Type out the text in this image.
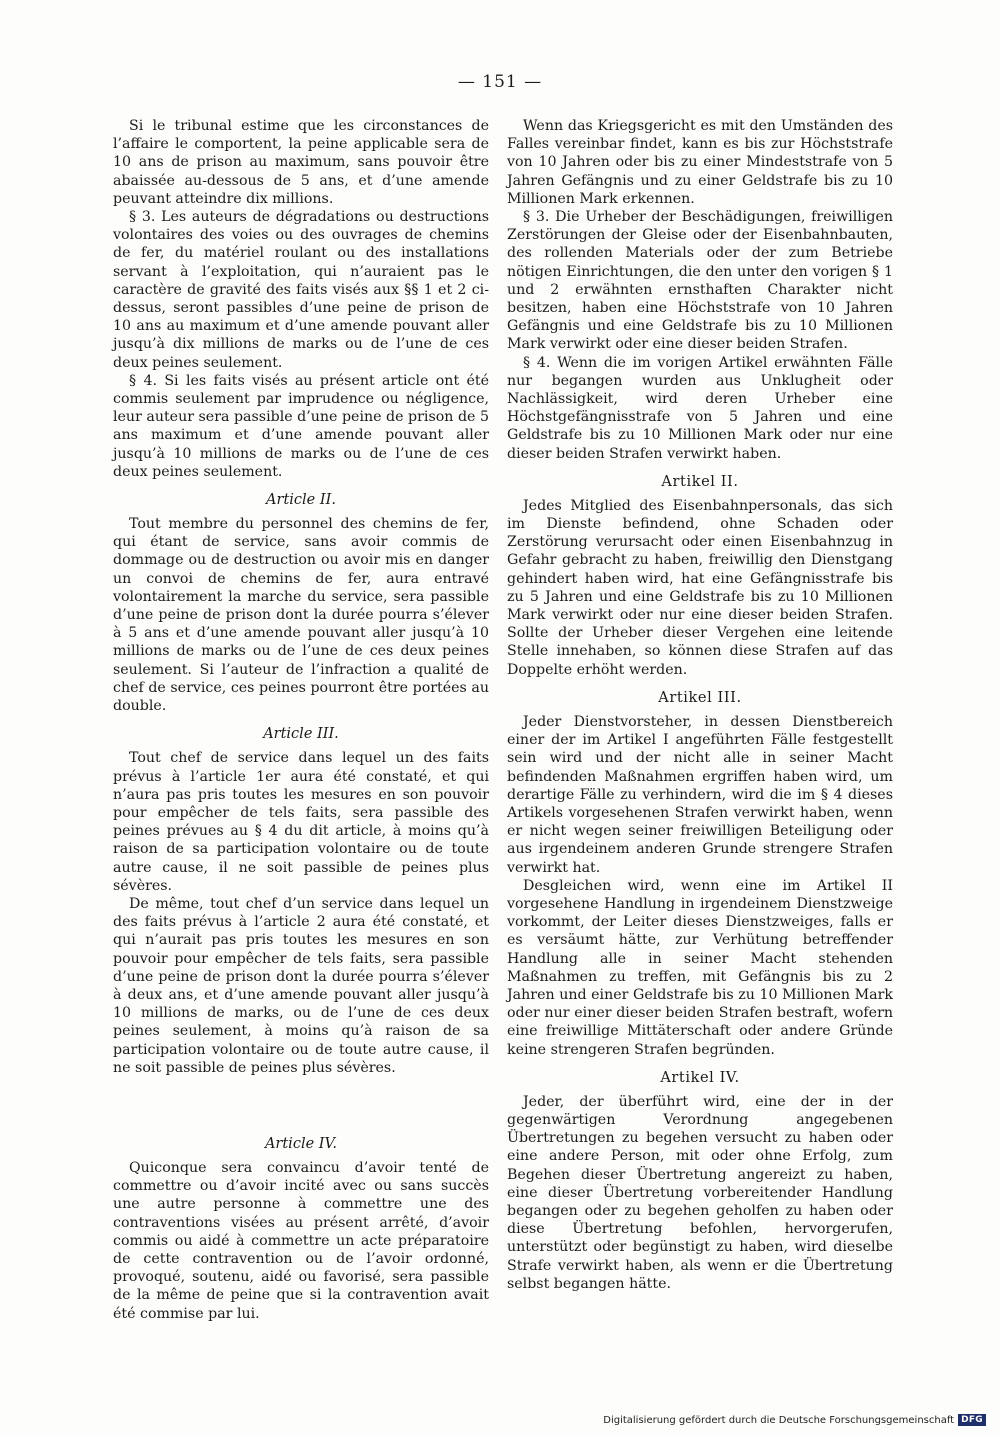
— 151 —

Si le tribunal estime que les circonstances de l’affaire le comportent, la peine applicable sera de 10 ans de prison au maximum, sans pouvoir être abaissée au-dessous de 5 ans, et d’une amende peuvant atteindre dix millions.

§ 3. Les auteurs de dégradations ou destructions volontaires des voies ou des ouvrages de chemins de fer, du matériel roulant ou des installations servant à l’exploitation, qui n’auraient pas le caractère de gravité des faits visés aux §§ 1 et 2 ci-dessus, seront passibles d’une peine de prison de 10 ans au maximum et d’une amende pouvant aller jusqu’à dix millions de marks ou de l’une de ces deux peines seulement.

§ 4. Si les faits visés au présent article ont été commis seulement par imprudence ou négligence, leur auteur sera passible d’une peine de prison de 5 ans maximum et d’une amende pouvant aller jusqu’à 10 millions de marks ou de l’une de ces deux peines seulement.

Article II.

Tout membre du personnel des chemins de fer, qui étant de service, sans avoir commis de dommage ou de destruction ou avoir mis en danger un convoi de chemins de fer, aura entravé volontairement la marche du service, sera passible d’une peine de prison dont la durée pourra s’élever à 5 ans et d’une amende pouvant aller jusqu’à 10 millions de marks ou de l’une de ces deux peines seulement. Si l’auteur de l’infraction a qualité de chef de service, ces peines pourront être portées au double.

Article III.

Tout chef de service dans lequel un des faits prévus à l’article 1er aura été constaté, et qui n’aura pas pris toutes les mesures en son pouvoir pour empêcher de tels faits, sera passible des peines prévues au § 4 du dit article, à moins qu’à raison de sa participation volontaire ou de toute autre cause, il ne soit passible de peines plus sévères.

De même, tout chef d’un service dans lequel un des faits prévus à l’article 2 aura été constaté, et qui n’aurait pas pris toutes les mesures en son pouvoir pour empêcher de tels faits, sera passible d’une peine de prison dont la durée pourra s’élever à deux ans, et d’une amende pouvant aller jusqu’à 10 millions de marks, ou de l’une de ces deux peines seulement, à moins qu’à raison de sa participation volontaire ou de toute autre cause, il ne soit passible de peines plus sévères.

Article IV.

Quiconque sera convaincu d’avoir tenté de commettre ou d’avoir incité avec ou sans succès une autre personne à commettre une des contraventions visées au présent arrêté, d’avoir commis ou aidé à commettre un acte préparatoire de cette contravention ou de l’avoir ordonné, provoqué, soutenu, aidé ou favorisé, sera passible de la même de peine que si la contravention avait été commise par lui.

Wenn das Kriegsgericht es mit den Umständen des Falles vereinbar findet, kann es bis zur Höchststrafe von 10 Jahren oder bis zu einer Mindeststrafe von 5 Jahren Gefängnis und zu einer Geldstrafe bis zu 10 Millionen Mark erkennen.

§ 3. Die Urheber der Beschädigungen, freiwilligen Zerstörungen der Gleise oder der Eisenbahnbauten, des rollenden Materials oder der zum Betriebe nötigen Einrichtungen, die den unter den vorigen § 1 und 2 erwähnten ernsthaften Charakter nicht besitzen, haben eine Höchststrafe von 10 Jahren Gefängnis und eine Geldstrafe bis zu 10 Millionen Mark verwirkt oder eine dieser beiden Strafen.

§ 4. Wenn die im vorigen Artikel erwähnten Fälle nur begangen wurden aus Unklugheit oder Nachlässigkeit, wird deren Urheber eine Höchstgefängnisstrafe von 5 Jahren und eine Geldstrafe bis zu 10 Millionen Mark oder nur eine dieser beiden Strafen verwirkt haben.

Artikel II.

Jedes Mitglied des Eisenbahnpersonals, das sich im Dienste befindend, ohne Schaden oder Zerstörung verursacht oder einen Eisenbahnzug in Gefahr gebracht zu haben, freiwillig den Dienstgang gehindert haben wird, hat eine Gefängnisstrafe bis zu 5 Jahren und eine Geldstrafe bis zu 10 Millionen Mark verwirkt oder nur eine dieser beiden Strafen. Sollte der Urheber dieser Vergehen eine leitende Stelle innehaben, so können diese Strafen auf das Doppelte erhöht werden.

Artikel III.

Jeder Dienstvorsteher, in dessen Dienstbereich einer der im Artikel I angeführten Fälle festgestellt sein wird und der nicht alle in seiner Macht befindenden Maßnahmen ergriffen haben wird, um derartige Fälle zu verhindern, wird die im § 4 dieses Artikels vorgesehenen Strafen verwirkt haben, wenn er nicht wegen seiner freiwilligen Beteiligung oder aus irgendeinem anderen Grunde strengere Strafen verwirkt hat.

Desgleichen wird, wenn eine im Artikel II vorgesehene Handlung in irgendeinem Dienstzweige vorkommt, der Leiter dieses Dienstzweiges, falls er es versäumt hätte, zur Verhütung betreffender Handlung alle in seiner Macht stehenden Maßnahmen zu treffen, mit Gefängnis bis zu 2 Jahren und einer Geldstrafe bis zu 10 Millionen Mark oder nur einer dieser beiden Strafen bestraft, wofern eine freiwillige Mittäterschaft oder andere Gründe keine strengeren Strafen begründen.

Artikel IV.

Jeder, der überführt wird, eine der in der gegenwärtigen Verordnung angegebenen Übertretungen zu begehen versucht zu haben oder eine andere Person, mit oder ohne Erfolg, zum Begehen dieser Übertretung angereizt zu haben, eine dieser Übertretung vorbereitender Handlung begangen oder zu begehen geholfen zu haben oder diese Übertretung befohlen, hervorgerufen, unterstützt oder begünstigt zu haben, wird dieselbe Strafe verwirkt haben, als wenn er die Übertretung selbst begangen hätte.

Digitalisierung gefördert durch die Deutsche Forschungsgemeinschaft DFG
